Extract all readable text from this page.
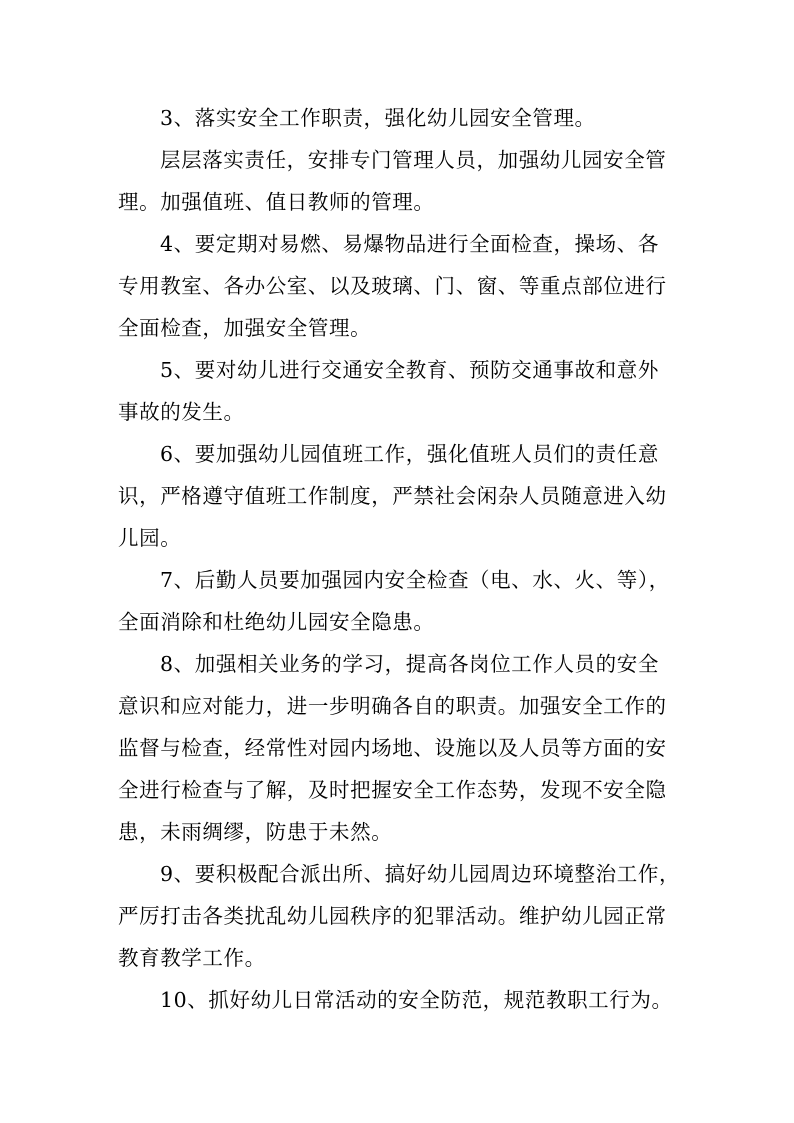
3、落实安全工作职责，强化幼儿园安全管理。
层层落实责任，安排专门管理人员，加强幼儿园安全管
理。加强值班、值日教师的管理。
4、要定期对易燃、易爆物品进行全面检查，操场、各
专用教室、各办公室、以及玻璃、门、窗、等重点部位进行
全面检查，加强安全管理。
5、要对幼儿进行交通安全教育、预防交通事故和意外
事故的发生。
6、要加强幼儿园值班工作，强化值班人员们的责任意
识，严格遵守值班工作制度，严禁社会闲杂人员随意进入幼
儿园。
7、后勤人员要加强园内安全检查（电、水、火、等），
全面消除和杜绝幼儿园安全隐患。
8、加强相关业务的学习，提高各岗位工作人员的安全
意识和应对能力，进一步明确各自的职责。加强安全工作的
监督与检查，经常性对园内场地、设施以及人员等方面的安
全进行检查与了解，及时把握安全工作态势，发现不安全隐
患，未雨绸缪，防患于未然。
9、要积极配合派出所、搞好幼儿园周边环境整治工作，
严厉打击各类扰乱幼儿园秩序的犯罪活动。维护幼儿园正常
教育教学工作。
10、抓好幼儿日常活动的安全防范，规范教职工行为。
